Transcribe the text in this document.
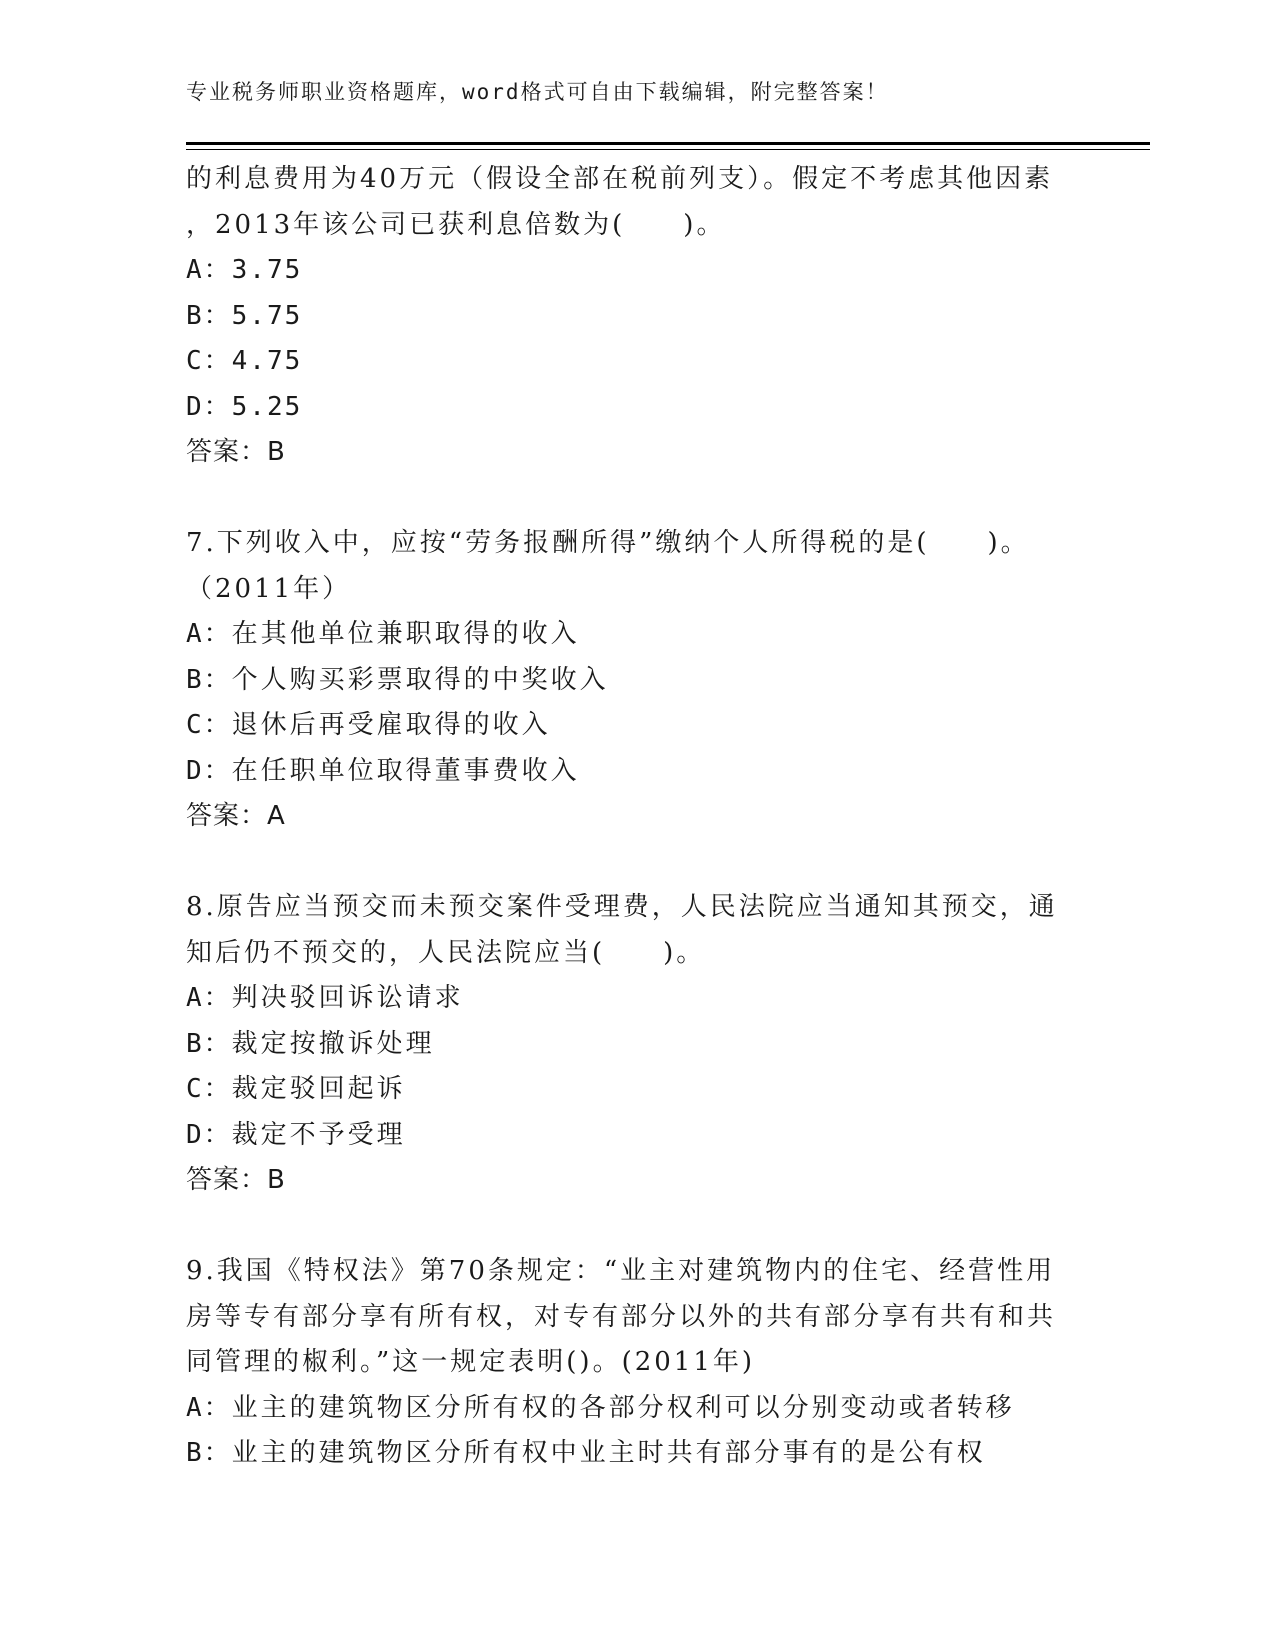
专业税务师职业资格题库，word格式可自由下载编辑，附完整答案！
的利息费用为40万元（假设全部在税前列支）。假定不考虑其他因素
，2013年该公司已获利息倍数为(　　)。
A：3.75
B：5.75
C：4.75
D：5.25
答案：B
7.下列收入中，应按“劳务报酬所得”缴纳个人所得税的是(　　)。
（2011年）
A：在其他单位兼职取得的收入
B：个人购买彩票取得的中奖收入
C：退休后再受雇取得的收入
D：在任职单位取得董事费收入
答案：A
8.原告应当预交而未预交案件受理费，人民法院应当通知其预交，通
知后仍不预交的，人民法院应当(　　)。
A：判决驳回诉讼请求
B：裁定按撤诉处理
C：裁定驳回起诉
D：裁定不予受理
答案：B
9.我国《特权法》第70条规定：“业主对建筑物内的住宅、经营性用
房等专有部分享有所有权，对专有部分以外的共有部分享有共有和共
同管理的椒利。”这一规定表明()。(2011年)
A：业主的建筑物区分所有权的各部分权利可以分别变动或者转移
B：业主的建筑物区分所有权中业主时共有部分事有的是公有权
